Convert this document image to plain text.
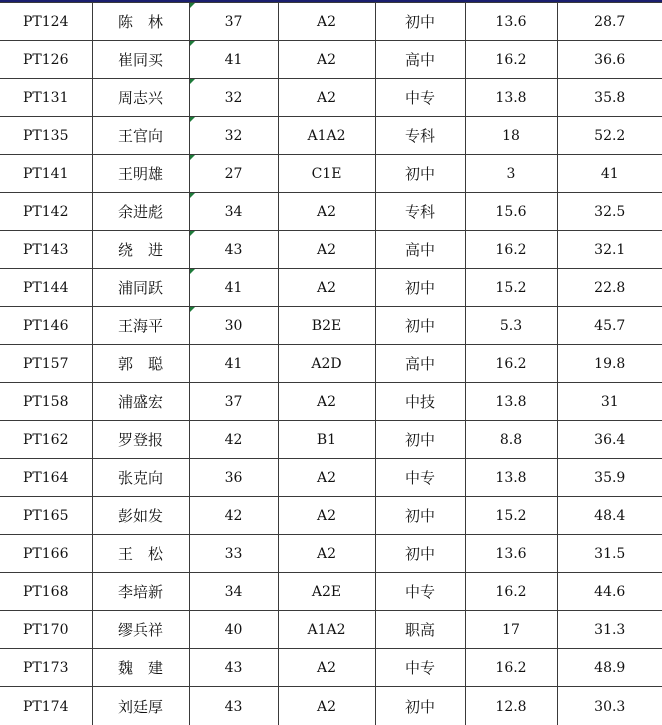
PT124	陈　林	37	A2	初中	13.6	28.7
PT126	崔同买	41	A2	高中	16.2	36.6
PT131	周志兴	32	A2	中专	13.8	35.8
PT135	王官向	32	A1A2	专科	18	52.2
PT141	王明雄	27	C1E	初中	3	41
PT142	余进彪	34	A2	专科	15.6	32.5
PT143	绕　进	43	A2	高中	16.2	32.1
PT144	浦同跃	41	A2	初中	15.2	22.8
PT146	王海平	30	B2E	初中	5.3	45.7
PT157	郭　聪	41	A2D	高中	16.2	19.8
PT158	浦盛宏	37	A2	中技	13.8	31
PT162	罗登报	42	B1	初中	8.8	36.4
PT164	张克向	36	A2	中专	13.8	35.9
PT165	彭如发	42	A2	初中	15.2	48.4
PT166	王　松	33	A2	初中	13.6	31.5
PT168	李培新	34	A2E	中专	16.2	44.6
PT170	缪兵祥	40	A1A2	职高	17	31.3
PT173	魏　建	43	A2	中专	16.2	48.9
PT174	刘廷厚	43	A2	初中	12.8	30.3
